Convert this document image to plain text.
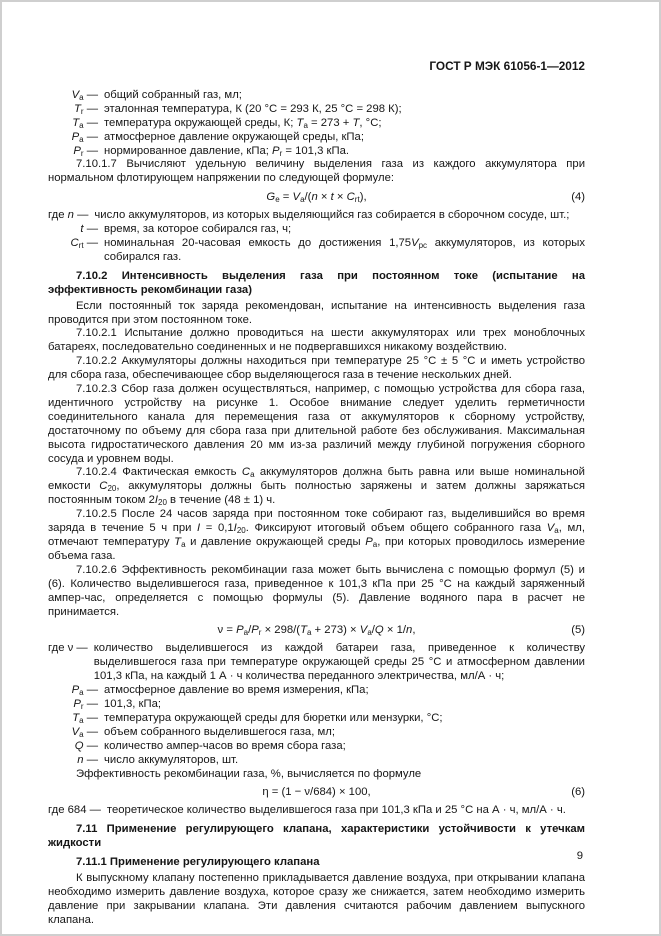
ГОСТ Р МЭК 61056-1—2012
$V_а$ — общий собранный газ, мл;
$T_r$ — эталонная температура, К (20 °С = 293 К, 25 °С = 298 К);
$T_а$ — температура окружающей среды, К; $T_а = 273 + T$, °С;
$P_а$ — атмосферное давление окружающей среды, кПа;
$P_r$ — нормированное давление, кПа; $P_r = 101,3$ кПа.
7.10.1.7 Вычисляют удельную величину выделения газа из каждого аккумулятора при нормальном флотирующем напряжении по следующей формуле:
$G_е = V_а/(n \times t \times C_{rt})$,	(4)
где n — число аккумуляторов, из которых выделяющийся газ собирается в сборочном сосуде, шт.;
t — время, за которое собирался газ, ч;
$C_{rt}$ — номинальная 20-часовая емкость до достижения $1,75V_{рс}$ аккумуляторов, из которых собирался газ.
7.10.2 Интенсивность выделения газа при постоянном токе (испытание на эффективность рекомбинации газа)
Если постоянный ток заряда рекомендован, испытание на интенсивность выделения газа проводится при этом постоянном токе.
7.10.2.1 Испытание должно проводиться на шести аккумуляторах или трех моноблочных батареях, последовательно соединенных и не подвергавшихся никакому воздействию.
7.10.2.2 Аккумуляторы должны находиться при температуре 25 °С ± 5 °С и иметь устройство для сбора газа, обеспечивающее сбор выделяющегося газа в течение нескольких дней.
7.10.2.3 Сбор газа должен осуществляться, например, с помощью устройства для сбора газа, идентичного устройству на рисунке 1. Особое внимание следует уделить герметичности соединительного канала для перемещения газа от аккумуляторов к сборному устройству, достаточному по объему для сбора газа при длительной работе без обслуживания. Максимальная высота гидростатического давления 20 мм из-за различий между глубиной погружения сборного сосуда и уровнем воды.
7.10.2.4 Фактическая емкость $C_а$ аккумуляторов должна быть равна или выше номинальной емкости $C_{20}$, аккумуляторы должны быть полностью заряжены и затем должны заряжаться постоянным током $2I_{20}$ в течение (48 ± 1) ч.
7.10.2.5 После 24 часов заряда при постоянном токе собирают газ, выделившийся во время заряда в течение 5 ч при $I = 0,1I_{20}$. Фиксируют итоговый объем общего собранного газа $V_а$, мл, отмечают температуру $T_а$ и давление окружающей среды $P_а$, при которых проводилось измерение объема газа.
7.10.2.6 Эффективность рекомбинации газа может быть вычислена с помощью формул (5) и (6). Количество выделившегося газа, приведенное к 101,3 кПа при 25 °С на каждый заряженный ампер-час, определяется с помощью формулы (5). Давление водяного пара в расчет не принимается.
$\nu = P_а/P_r \times 298/(T_а + 273) \times V_а/Q \times 1/n$,	(5)
где ν — количество выделившегося из каждой батареи газа, приведенное к количеству выделившегося газа при температуре окружающей среды 25 °С и атмосферном давлении 101,3 кПа, на каждый 1 А · ч количества переданного электричества, мл/А · ч;
$P_а$ — атмосферное давление во время измерения, кПа;
$P_r$ — 101,3, кПа;
$T_а$ — температура окружающей среды для бюретки или мензурки, °С;
$V_а$ — объем собранного выделившегося газа, мл;
Q — количество ампер-часов во время сбора газа;
n — число аккумуляторов, шт.
Эффективность рекомбинации газа, %, вычисляется по формуле
η = (1 − ν/684) × 100,	(6)
где 684 — теоретическое количество выделившегося газа при 101,3 кПа и 25 °С на А · ч, мл/А · ч.
7.11 Применение регулирующего клапана, характеристики устойчивости к утечкам жидкости
7.11.1 Применение регулирующего клапана
К выпускному клапану постепенно прикладывается давление воздуха, при открывании клапана необходимо измерить давление воздуха, которое сразу же снижается, затем необходимо измерить давление при закрывании клапана. Эти давления считаются рабочим давлением выпускного клапана.
9
